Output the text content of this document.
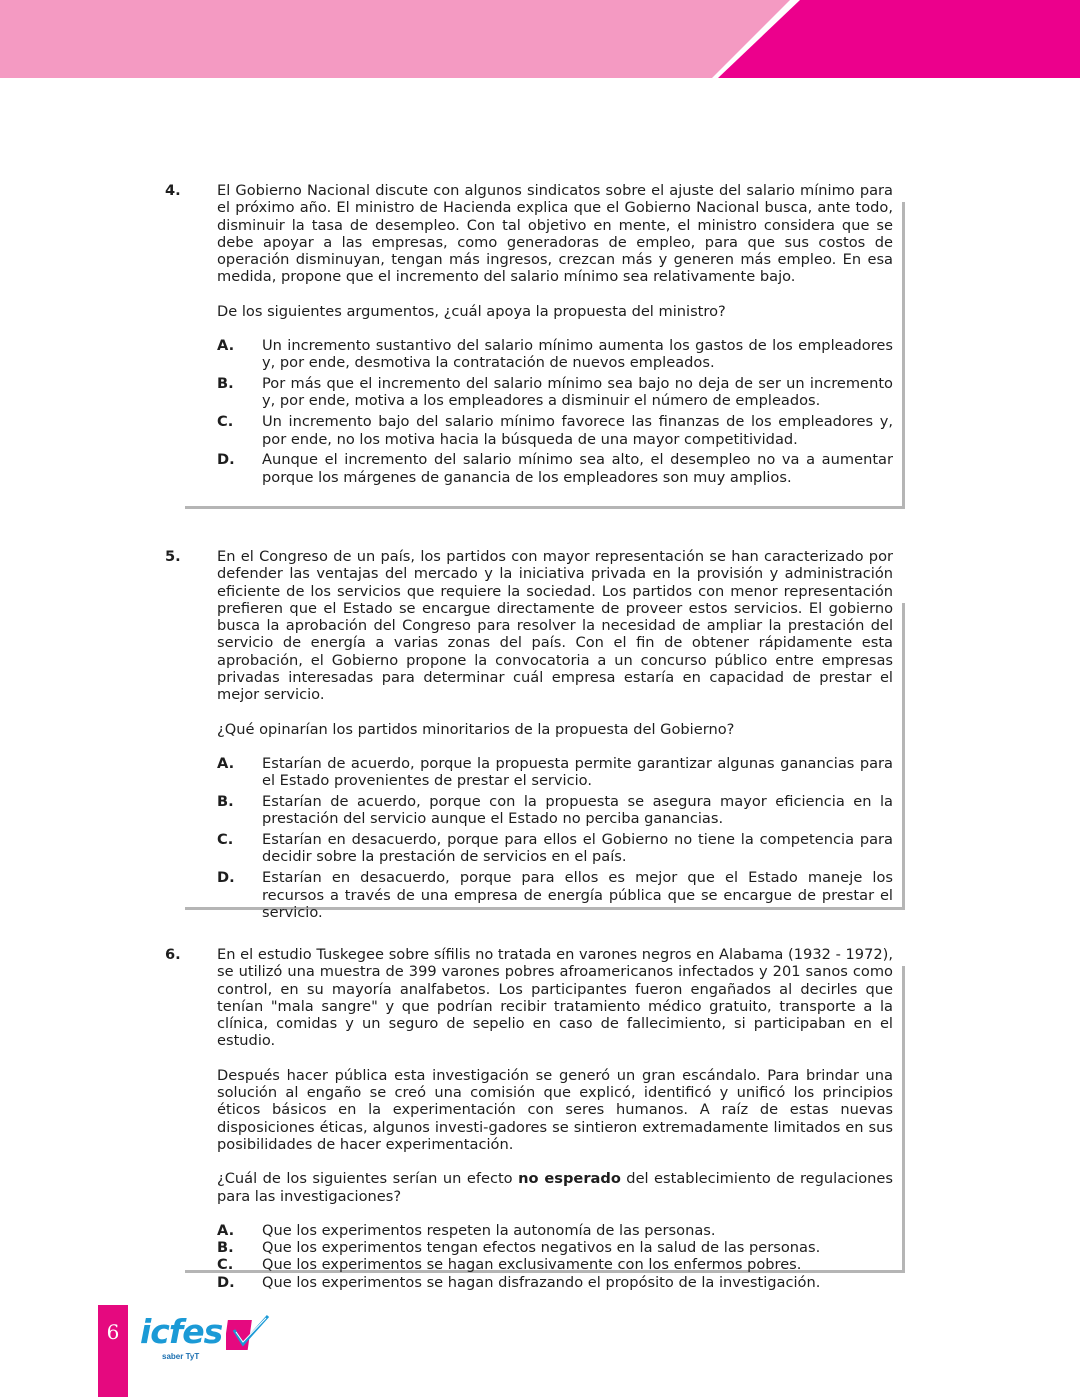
4. El Gobierno Nacional discute con algunos sindicatos sobre el ajuste del salario mínimo para el próximo año. El ministro de Hacienda explica que el Gobierno Nacional busca, ante todo, disminuir la tasa de desempleo. Con tal objetivo en mente, el ministro considera que se debe apoyar a las empresas, como generadoras de empleo, para que sus costos de operación disminuyan, tengan más ingresos, crezcan más y generen más empleo. En esa medida, propone que el incremento del salario mínimo sea relativamente bajo.

De los siguientes argumentos, ¿cuál apoya la propuesta del ministro?

A. Un incremento sustantivo del salario mínimo aumenta los gastos de los empleadores y, por ende, desmotiva la contratación de nuevos empleados.
B. Por más que el incremento del salario mínimo sea bajo no deja de ser un incremento y, por ende, motiva a los empleadores a disminuir el número de empleados.
C. Un incremento bajo del salario mínimo favorece las finanzas de los empleadores y, por ende, no los motiva hacia la búsqueda de una mayor competitividad.
D. Aunque el incremento del salario mínimo sea alto, el desempleo no va a aumentar porque los márgenes de ganancia de los empleadores son muy amplios.
5. En el Congreso de un país, los partidos con mayor representación se han caracterizado por defender las ventajas del mercado y la iniciativa privada en la provisión y administración eficiente de los servicios que requiere la sociedad. Los partidos con menor representación prefieren que el Estado se encargue directamente de proveer estos servicios. El gobierno busca la aprobación del Congreso para resolver la necesidad de ampliar la prestación del servicio de energía a varias zonas del país. Con el fin de obtener rápidamente esta aprobación, el Gobierno propone la convocatoria a un concurso público entre empresas privadas interesadas para determinar cuál empresa estaría en capacidad de prestar el mejor servicio.

¿Qué opinarían los partidos minoritarios de la propuesta del Gobierno?

A. Estarían de acuerdo, porque la propuesta permite garantizar algunas ganancias para el Estado provenientes de prestar el servicio.
B. Estarían de acuerdo, porque con la propuesta se asegura mayor eficiencia en la prestación del servicio aunque el Estado no perciba ganancias.
C. Estarían en desacuerdo, porque para ellos el Gobierno no tiene la competencia para decidir sobre la prestación de servicios en el país.
D. Estarían en desacuerdo, porque para ellos es mejor que el Estado maneje los recursos a través de una empresa de energía pública que se encargue de prestar el servicio.
6. En el estudio Tuskegee sobre sífilis no tratada en varones negros en Alabama (1932 - 1972), se utilizó una muestra de 399 varones pobres afroamericanos infectados y 201 sanos como control, en su mayoría analfabetos. Los participantes fueron engañados al decirles que tenían "mala sangre" y que podrían recibir tratamiento médico gratuito, transporte a la clínica, comidas y un seguro de sepelio en caso de fallecimiento, si participaban en el estudio.

Después hacer pública esta investigación se generó un gran escándalo. Para brindar una solución al engaño se creó una comisión que explicó, identificó y unificó los principios éticos básicos en la experimentación con seres humanos. A raíz de estas nuevas disposiciones éticas, algunos investi-gadores se sintieron extremadamente limitados en sus posibilidades de hacer experimentación.

¿Cuál de los siguientes serían un efecto no esperado del establecimiento de regulaciones para las investigaciones?

A. Que los experimentos respeten la autonomía de las personas.
B. Que los experimentos tengan efectos negativos en la salud de las personas.
C. Que los experimentos se hagan exclusivamente con los enfermos pobres.
D. Que los experimentos se hagan disfrazando el propósito de la investigación.
6 icfes
saber TyT
